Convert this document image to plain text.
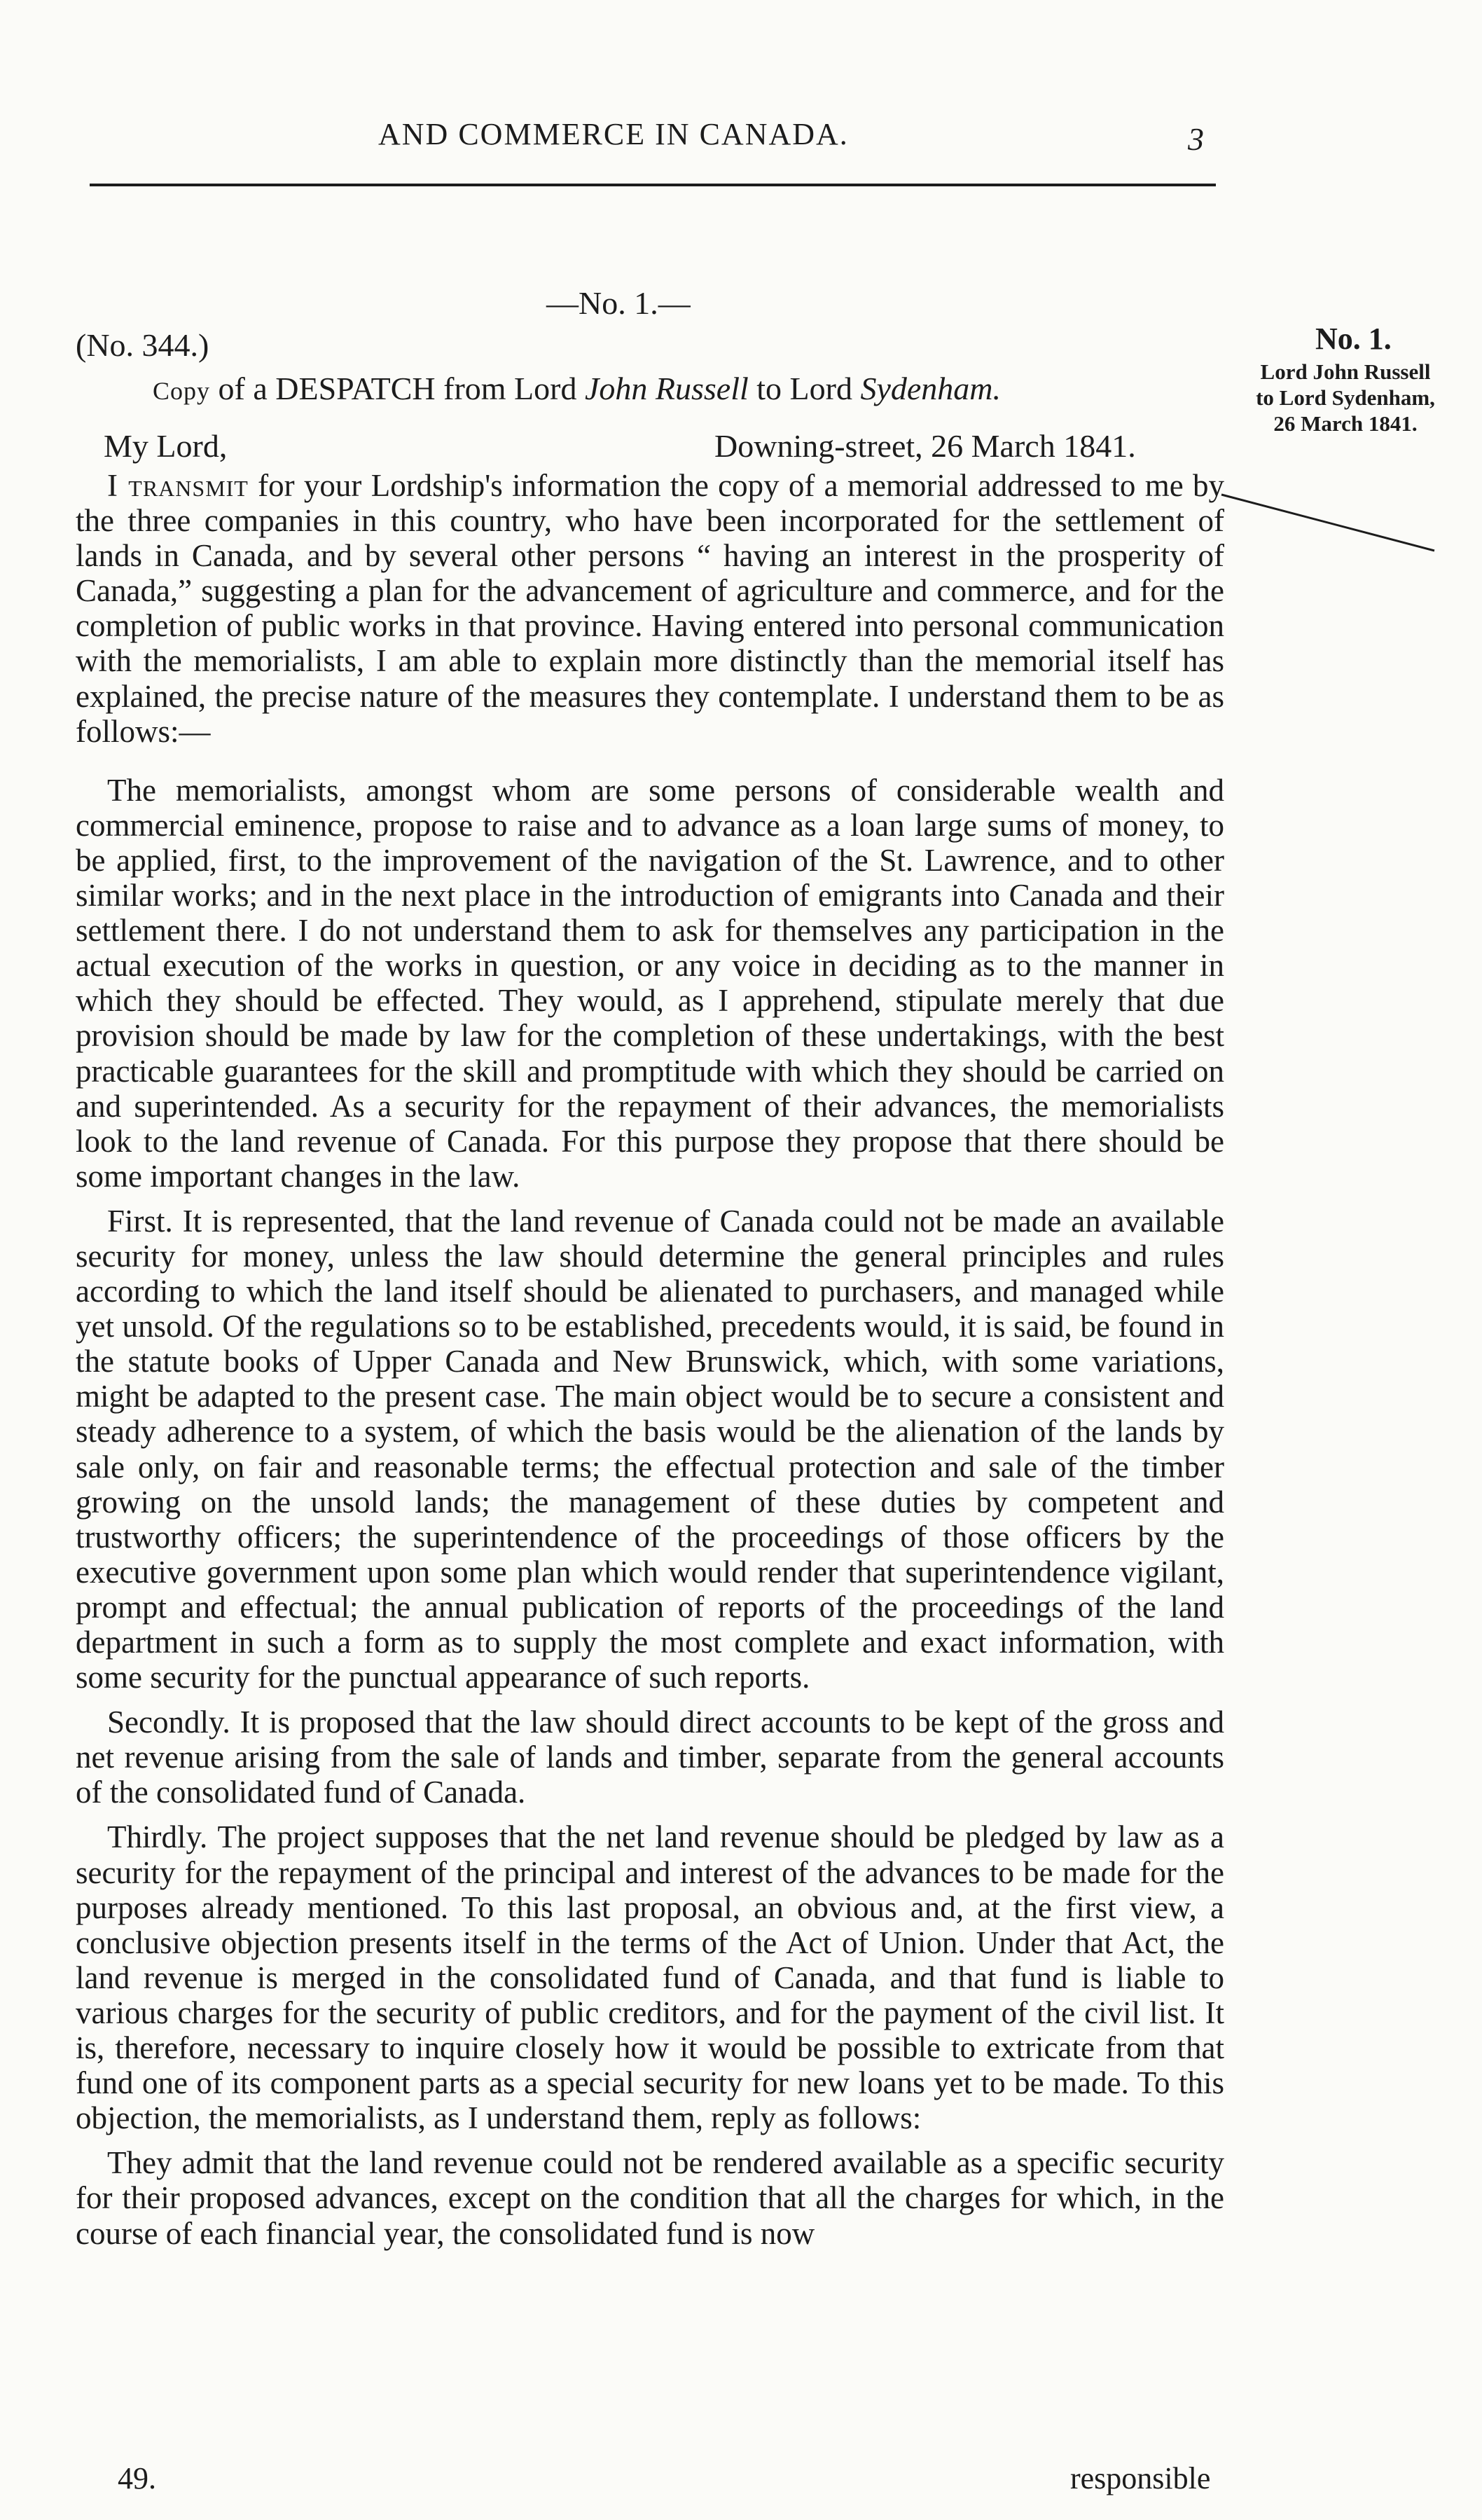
AND COMMERCE IN CANADA.	3
—No. 1.—
(No. 344.)
Copy of a DESPATCH from Lord John Russell to Lord Sydenham.
My Lord,	Downing-street, 26 March 1841.
No. 1.
Lord John Russell
to Lord Sydenham,
26 March 1841.

I transmit for your Lordship's information the copy of a memorial addressed to me by the three companies in this country, who have been incorporated for the settlement of lands in Canada, and by several other persons “ having an interest in the prosperity of Canada,” suggesting a plan for the advancement of agriculture and commerce, and for the completion of public works in that province. Having entered into personal communication with the memorialists, I am able to explain more distinctly than the memorial itself has explained, the precise nature of the measures they contemplate. I understand them to be as follows:—

The memorialists, amongst whom are some persons of considerable wealth and commercial eminence, propose to raise and to advance as a loan large sums of money, to be applied, first, to the improvement of the navigation of the St. Lawrence, and to other similar works; and in the next place in the introduction of emigrants into Canada and their settlement there. I do not understand them to ask for themselves any participation in the actual execution of the works in question, or any voice in deciding as to the manner in which they should be effected. They would, as I apprehend, stipulate merely that due provision should be made by law for the completion of these undertakings, with the best practicable guarantees for the skill and promptitude with which they should be carried on and superintended. As a security for the repayment of their advances, the memorialists look to the land revenue of Canada. For this purpose they propose that there should be some important changes in the law.

First. It is represented, that the land revenue of Canada could not be made an available security for money, unless the law should determine the general principles and rules according to which the land itself should be alienated to purchasers, and managed while yet unsold. Of the regulations so to be established, precedents would, it is said, be found in the statute books of Upper Canada and New Brunswick, which, with some variations, might be adapted to the present case. The main object would be to secure a consistent and steady adherence to a system, of which the basis would be the alienation of the lands by sale only, on fair and reasonable terms; the effectual protection and sale of the timber growing on the unsold lands; the management of these duties by competent and trustworthy officers; the superintendence of the proceedings of those officers by the executive government upon some plan which would render that superintendence vigilant, prompt and effectual; the annual publication of reports of the proceedings of the land department in such a form as to supply the most complete and exact information, with some security for the punctual appearance of such reports.

Secondly. It is proposed that the law should direct accounts to be kept of the gross and net revenue arising from the sale of lands and timber, separate from the general accounts of the consolidated fund of Canada.

Thirdly. The project supposes that the net land revenue should be pledged by law as a security for the repayment of the principal and interest of the advances to be made for the purposes already mentioned. To this last proposal, an obvious and, at the first view, a conclusive objection presents itself in the terms of the Act of Union. Under that Act, the land revenue is merged in the consolidated fund of Canada, and that fund is liable to various charges for the security of public creditors, and for the payment of the civil list. It is, therefore, necessary to inquire closely how it would be possible to extricate from that fund one of its component parts as a special security for new loans yet to be made. To this objection, the memorialists, as I understand them, reply as follows:

They admit that the land revenue could not be rendered available as a specific security for their proposed advances, except on the condition that all the charges for which, in the course of each financial year, the consolidated fund is now

49.	responsible
